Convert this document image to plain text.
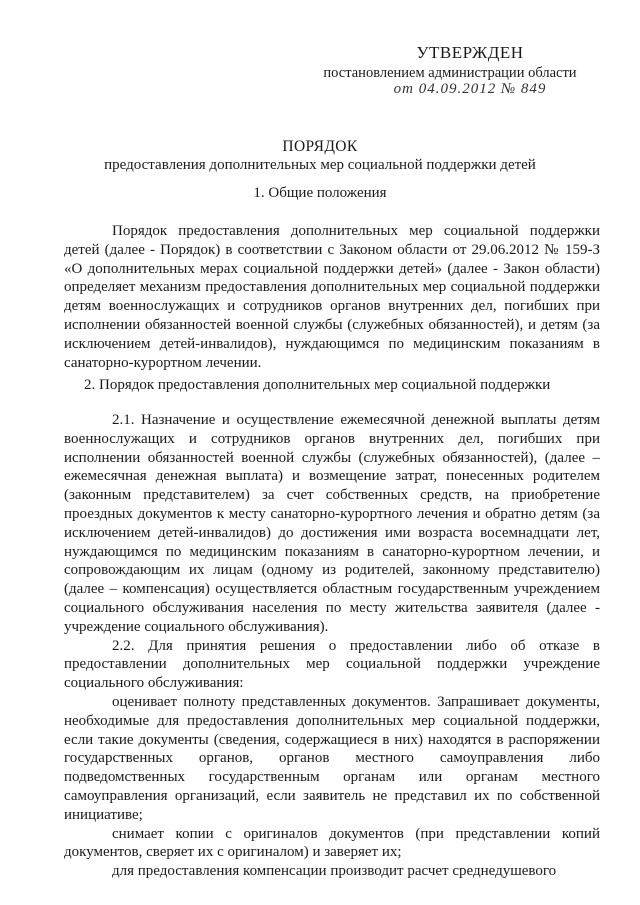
УТВЕРЖДЕН
постановлением администрации области
от 04.09.2012 № 849
ПОРЯДОК
предоставления дополнительных мер социальной поддержки детей
1. Общие положения

Порядок предоставления дополнительных мер социальной поддержки детей (далее - Порядок) в соответствии с Законом области от 29.06.2012 № 159-З «О дополнительных мерах социальной поддержки детей» (далее - Закон области) определяет механизм предоставления дополнительных мер социальной поддержки детям военнослужащих и сотрудников органов внутренних дел, погибших при исполнении обязанностей военной службы (служебных обязанностей), и детям (за исключением детей-инвалидов), нуждающимся по медицинским показаниям в санаторно-курортном лечении.

2. Порядок предоставления дополнительных мер социальной поддержки

2.1. Назначение и осуществление ежемесячной денежной выплаты детям военнослужащих и сотрудников органов внутренних дел, погибших при исполнении обязанностей военной службы (служебных обязанностей), (далее – ежемесячная денежная выплата) и возмещение затрат, понесенных родителем (законным представителем) за счет собственных средств, на приобретение проездных документов к месту санаторно-курортного лечения и обратно детям (за исключением детей-инвалидов) до достижения ими возраста восемнадцати лет, нуждающимся по медицинским показаниям в санаторно-курортном лечении, и сопровождающим их лицам (одному из родителей, законному представителю) (далее – компенсация) осуществляется областным государственным учреждением социального обслуживания населения по месту жительства заявителя (далее - учреждение социального обслуживания).

2.2. Для принятия решения о предоставлении либо об отказе в предоставлении дополнительных мер социальной поддержки учреждение социального обслуживания:

оценивает полноту представленных документов. Запрашивает документы, необходимые для предоставления дополнительных мер социальной поддержки, если такие документы (сведения, содержащиеся в них) находятся в распоряжении государственных органов, органов местного самоуправления либо подведомственных государственным органам или органам местного самоуправления организаций, если заявитель не представил их по собственной инициативе;

снимает копии с оригиналов документов (при представлении копий документов, сверяет их с оригиналом) и заверяет их;

для предоставления компенсации производит расчет среднедушевого
